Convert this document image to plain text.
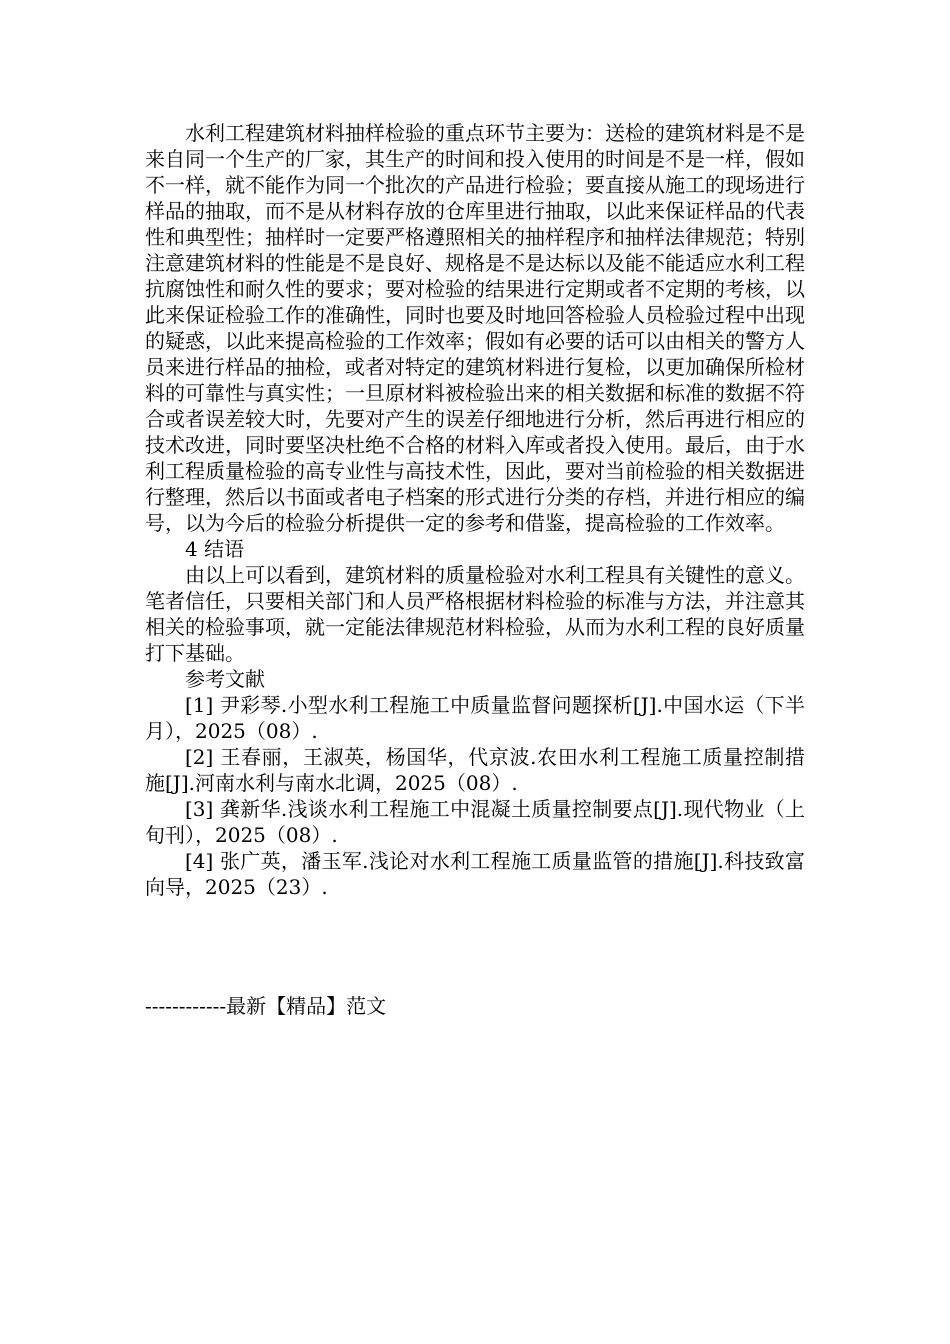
水利工程建筑材料抽样检验的重点环节主要为：送检的建筑材料是不是来自同一个生产的厂家，其生产的时间和投入使用的时间是不是一样，假如不一样，就不能作为同一个批次的产品进行检验；要直接从施工的现场进行样品的抽取，而不是从材料存放的仓库里进行抽取，以此来保证样品的代表性和典型性；抽样时一定要严格遵照相关的抽样程序和抽样法律规范；特别注意建筑材料的性能是不是良好、规格是不是达标以及能不能适应水利工程抗腐蚀性和耐久性的要求；要对检验的结果进行定期或者不定期的考核，以此来保证检验工作的准确性，同时也要及时地回答检验人员检验过程中出现的疑惑，以此来提高检验的工作效率；假如有必要的话可以由相关的警方人员来进行样品的抽检，或者对特定的建筑材料进行复检，以更加确保所检材料的可靠性与真实性；一旦原材料被检验出来的相关数据和标准的数据不符合或者误差较大时，先要对产生的误差仔细地进行分析，然后再进行相应的技术改进，同时要坚决杜绝不合格的材料入库或者投入使用。最后，由于水利工程质量检验的高专业性与高技术性，因此，要对当前检验的相关数据进行整理，然后以书面或者电子档案的形式进行分类的存档，并进行相应的编号，以为今后的检验分析提供一定的参考和借鉴，提高检验的工作效率。

4 结语

由以上可以看到，建筑材料的质量检验对水利工程具有关键性的意义。笔者信任，只要相关部门和人员严格根据材料检验的标准与方法，并注意其相关的检验事项，就一定能法律规范材料检验，从而为水利工程的良好质量打下基础。

参考文献

[1] 尹彩琴.小型水利工程施工中质量监督问题探析[J].中国水运（下半月），2025（08）.

[2] 王春丽，王淑英，杨国华，代京波.农田水利工程施工质量控制措施[J].河南水利与南水北调，2025（08）.

[3] 龚新华.浅谈水利工程施工中混凝土质量控制要点[J].现代物业（上旬刊），2025（08）.

[4] 张广英，潘玉军.浅论对水利工程施工质量监管的措施[J].科技致富向导，2025（23）.

------------最新【精品】范文
